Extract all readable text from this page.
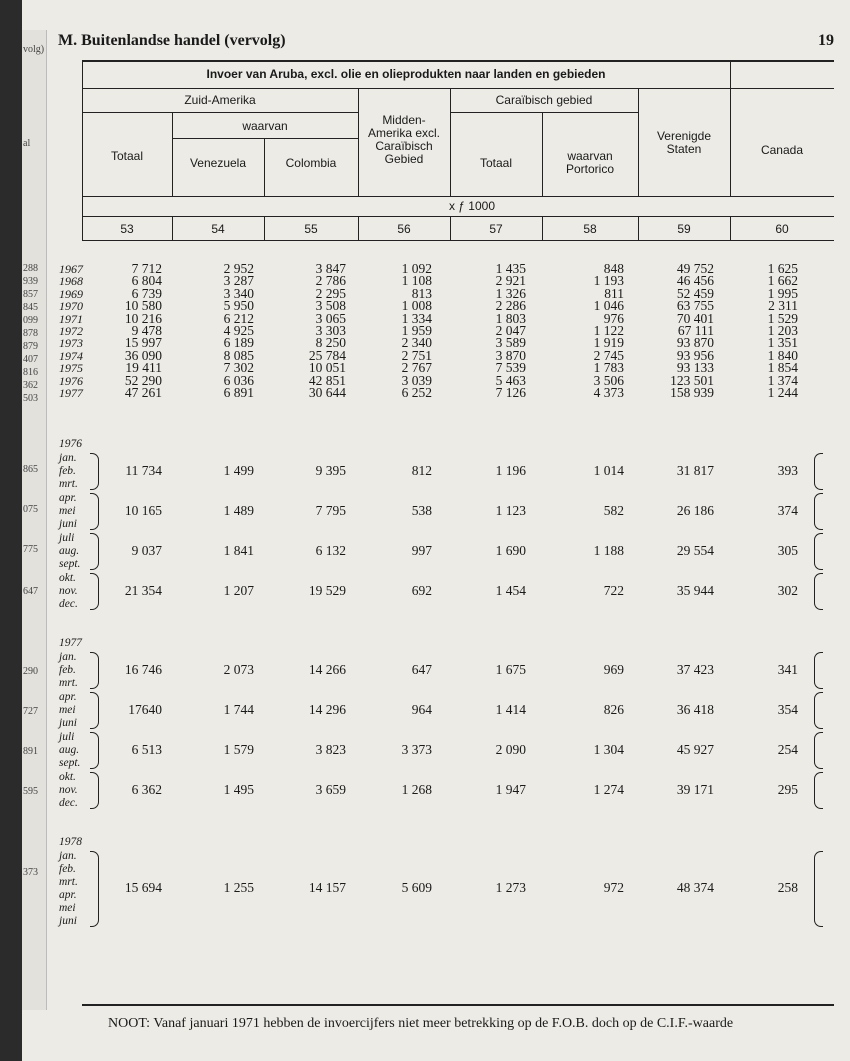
volg)
al
288
939
857
845
099
878
879
407
816
362
503
865
075
775
647
290
727
891
595
373
M. Buitenlandse handel (vervolg)	19
Invoer van Aruba, excl. olie en olieprodukten naar landen en gebieden
Zuid-Amerika
waarvan
Totaal	Venezuela	Colombia
Midden-
Amerika excl.
Caraïbisch
Gebied
Caraïbisch gebied
Totaal	waarvan
Portorico
Verenigde
Staten	Canada
x ƒ 1000
53	54	55	56	57	58	59	60
1967	7 712	2 952	3 847	1 092	1 435	848	49 752	1 625
1968	6 804	3 287	2 786	1 108	2 921	1 193	46 456	1 662
1969	6 739	3 340	2 295	813	1 326	811	52 459	1 995
1970	10 580	5 950	3 508	1 008	2 286	1 046	63 755	2 311
1971	10 216	6 212	3 065	1 334	1 803	976	70 401	1 529
1972	9 478	4 925	3 303	1 959	2 047	1 122	67 111	1 203
1973	15 997	6 189	8 250	2 340	3 589	1 919	93 870	1 351
1974	36 090	8 085	25 784	2 751	3 870	2 745	93 956	1 840
1975	19 411	7 302	10 051	2 767	7 539	1 783	93 133	1 854
1976	52 290	6 036	42 851	3 039	5 463	3 506	123 501	1 374
1977	47 261	6 891	30 644	6 252	7 126	4 373	158 939	1 244
1976
jan.
feb.
mrt.
11 734	1 499	9 395	812	1 196	1 014	31 817	393
apr.
mei
juni
10 165	1 489	7 795	538	1 123	582	26 186	374
juli
aug.
sept.
9 037	1 841	6 132	997	1 690	1 188	29 554	305
okt.
nov.
dec.
21 354	1 207	19 529	692	1 454	722	35 944	302
1977
jan.
feb.
mrt.
16 746	2 073	14 266	647	1 675	969	37 423	341
apr.
mei
juni
17640	1 744	14 296	964	1 414	826	36 418	354
juli
aug.
sept.
6 513	1 579	3 823	3 373	2 090	1 304	45 927	254
okt.
nov.
dec.
6 362	1 495	3 659	1 268	1 947	1 274	39 171	295
1978
jan.
feb.
mrt.
apr.
mei
juni
15 694	1 255	14 157	5 609	1 273	972	48 374	258
NOOT: Vanaf januari 1971 hebben de invoercijfers niet meer betrekking op de F.O.B. doch op de C.I.F.-waarde
